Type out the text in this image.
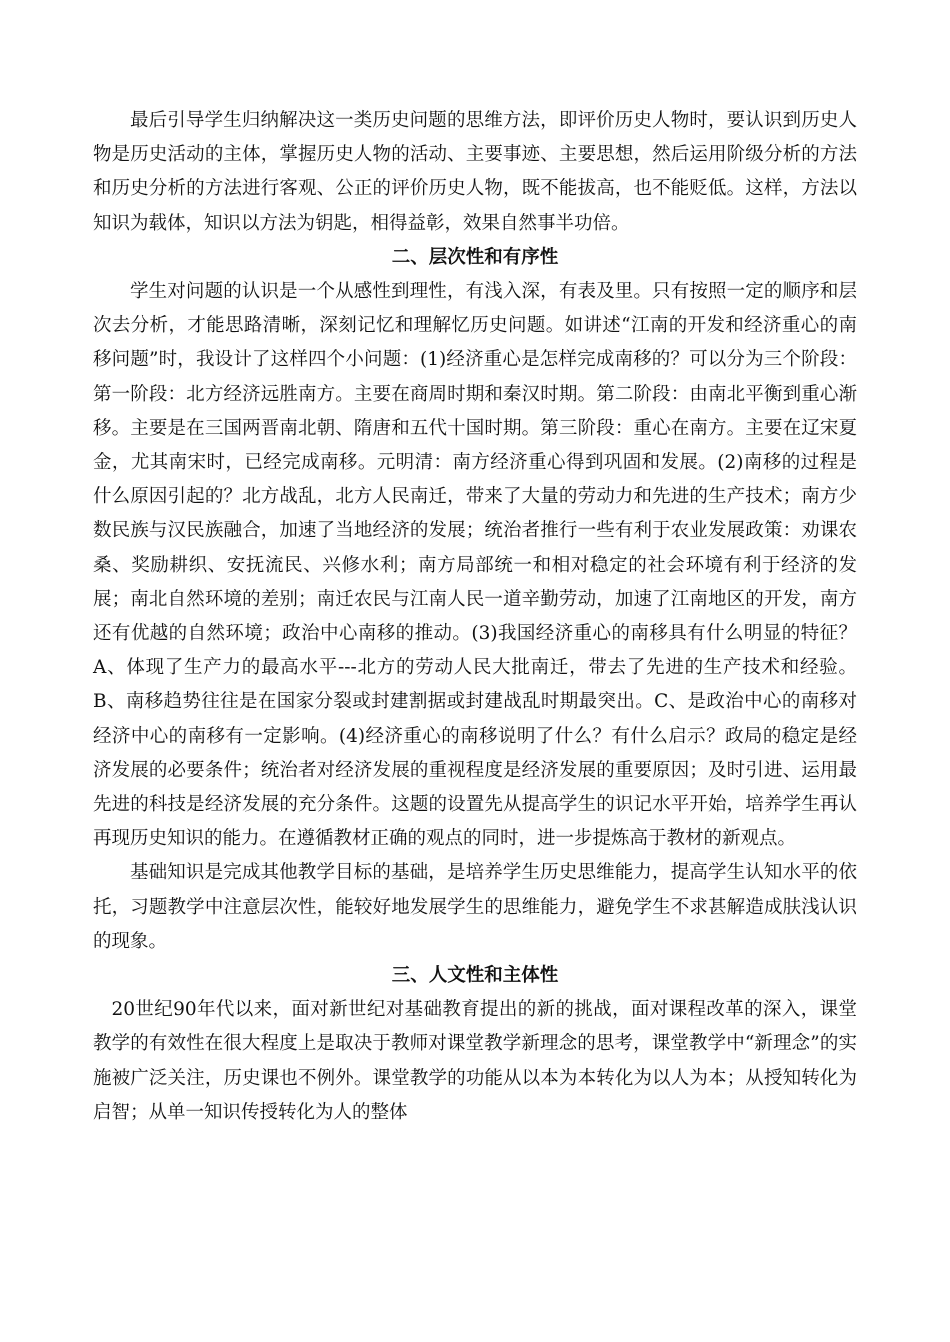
最后引导学生归纳解决这一类历史问题的思维方法，即评价历史人物时，要认识到历史人物是历史活动的主体，掌握历史人物的活动、主要事迹、主要思想，然后运用阶级分析的方法和历史分析的方法进行客观、公正的评价历史人物，既不能拔高，也不能贬低。这样，方法以知识为载体，知识以方法为钥匙，相得益彰，效果自然事半功倍。

二、层次性和有序性

学生对问题的认识是一个从感性到理性，有浅入深，有表及里。只有按照一定的顺序和层次去分析，才能思路清晰，深刻记忆和理解忆历史问题。如讲述“江南的开发和经济重心的南移问题”时，我设计了这样四个小问题：(1)经济重心是怎样完成南移的？可以分为三个阶段：第一阶段：北方经济远胜南方。主要在商周时期和秦汉时期。第二阶段：由南北平衡到重心渐移。主要是在三国两晋南北朝、隋唐和五代十国时期。第三阶段：重心在南方。主要在辽宋夏金，尤其南宋时，已经完成南移。元明清：南方经济重心得到巩固和发展。(2)南移的过程是什么原因引起的？北方战乱，北方人民南迁，带来了大量的劳动力和先进的生产技术；南方少数民族与汉民族融合，加速了当地经济的发展；统治者推行一些有利于农业发展政策：劝课农桑、奖励耕织、安抚流民、兴修水利；南方局部统一和相对稳定的社会环境有利于经济的发展；南北自然环境的差别；南迁农民与江南人民一道辛勤劳动，加速了江南地区的开发，南方还有优越的自然环境；政治中心南移的推动。(3)我国经济重心的南移具有什么明显的特征？A、体现了生产力的最高水平---北方的劳动人民大批南迁，带去了先进的生产技术和经验。B、南移趋势往往是在国家分裂或封建割据或封建战乱时期最突出。C、是政治中心的南移对经济中心的南移有一定影响。(4)经济重心的南移说明了什么？有什么启示？政局的稳定是经济发展的必要条件；统治者对经济发展的重视程度是经济发展的重要原因；及时引进、运用最先进的科技是经济发展的充分条件。这题的设置先从提高学生的识记水平开始，培养学生再认再现历史知识的能力。在遵循教材正确的观点的同时，进一步提炼高于教材的新观点。

基础知识是完成其他教学目标的基础，是培养学生历史思维能力，提高学生认知水平的依托，习题教学中注意层次性，能较好地发展学生的思维能力，避免学生不求甚解造成肤浅认识的现象。

三、人文性和主体性

20世纪90年代以来，面对新世纪对基础教育提出的新的挑战，面对课程改革的深入，课堂教学的有效性在很大程度上是取决于教师对课堂教学新理念的思考，课堂教学中“新理念”的实施被广泛关注，历史课也不例外。课堂教学的功能从以本为本转化为以人为本；从授知转化为启智；从单一知识传授转化为人的整体
